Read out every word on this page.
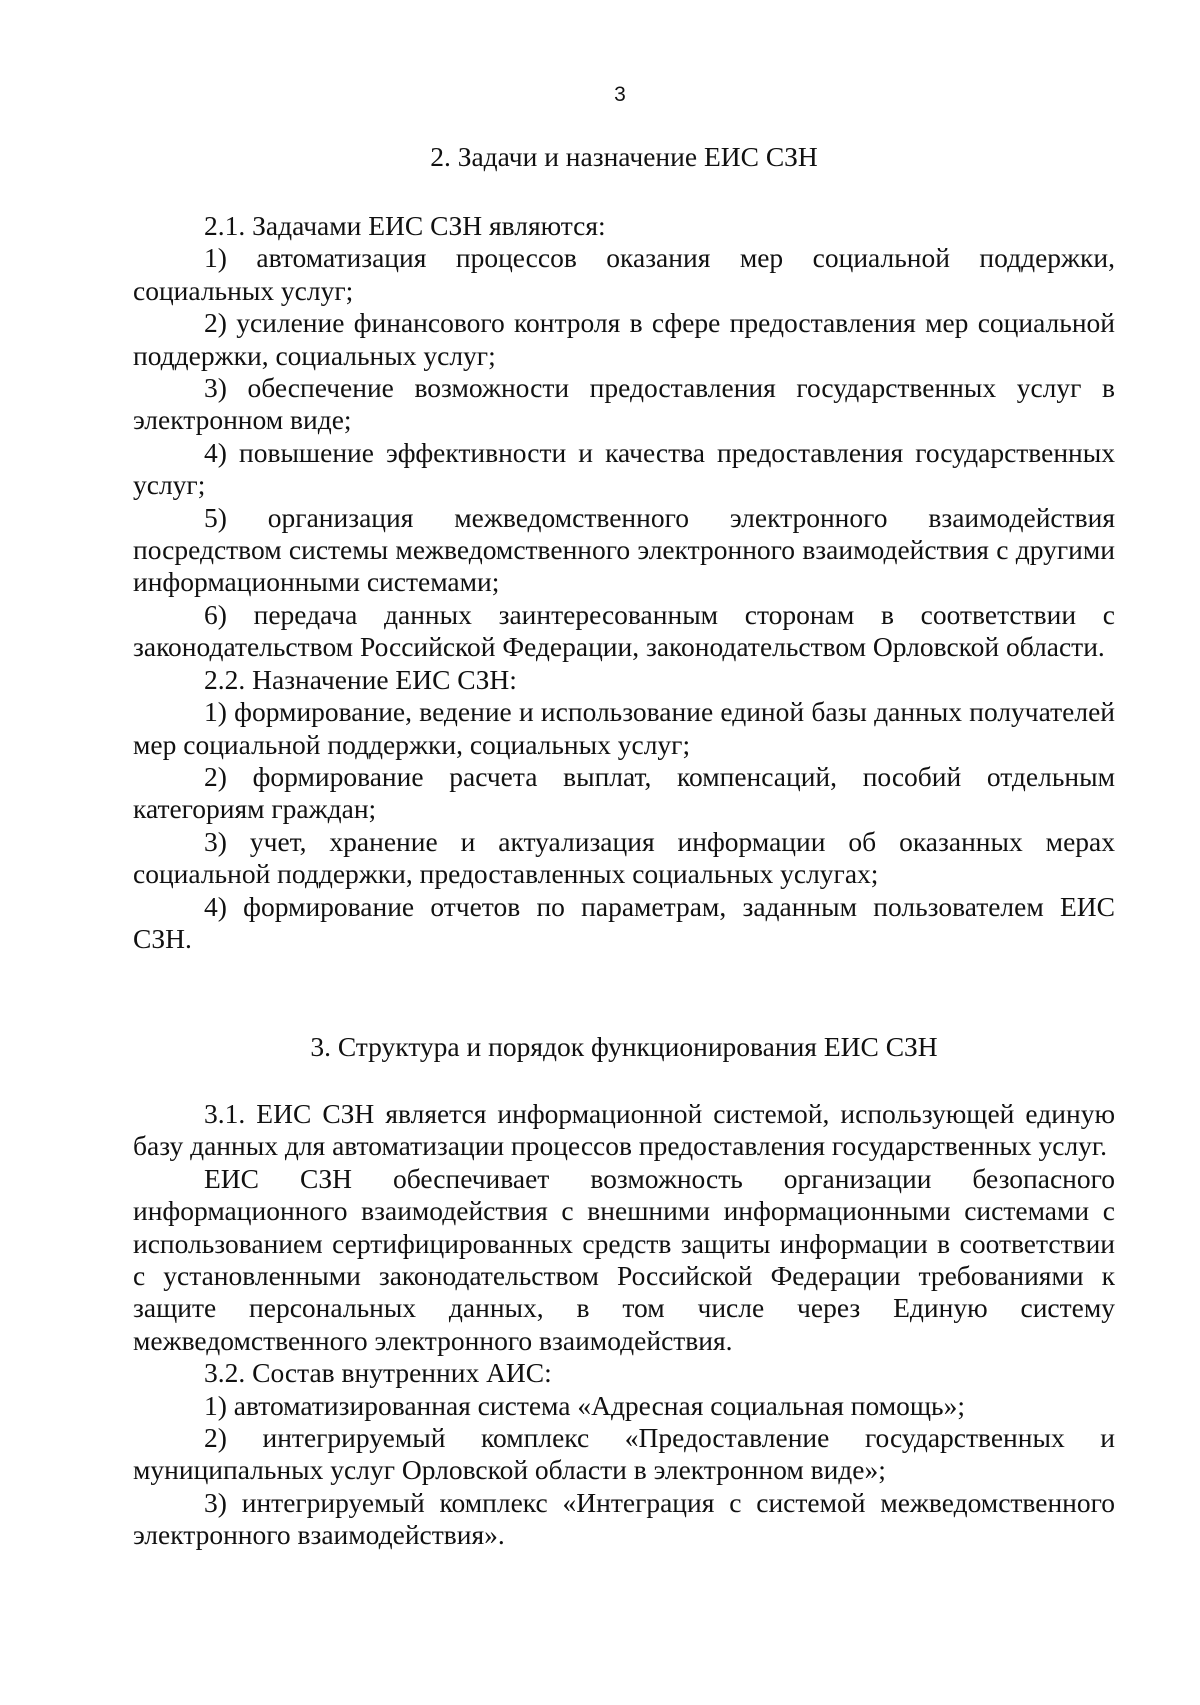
3
2. Задачи и назначение ЕИС СЗН

2.1. Задачами ЕИС СЗН являются:

1) автоматизация процессов оказания мер социальной поддержки, социальных услуг;

2) усиление финансового контроля в сфере предоставления мер социальной поддержки, социальных услуг;

3) обеспечение возможности предоставления государственных услуг в электронном виде;

4) повышение эффективности и качества предоставления государственных услуг;

5) организация межведомственного электронного взаимодействия посредством системы межведомственного электронного взаимодействия с другими информационными системами;

6) передача данных заинтересованным сторонам в соответствии с законодательством Российской Федерации, законодательством Орловской области.

2.2. Назначение ЕИС СЗН:

1) формирование, ведение и использование единой базы данных получателей мер социальной поддержки, социальных услуг;

2) формирование расчета выплат, компенсаций, пособий отдельным категориям граждан;

3) учет, хранение и актуализация информации об оказанных мерах социальной поддержки, предоставленных социальных услугах;

4) формирование отчетов по параметрам, заданным пользователем ЕИС СЗН.

3. Структура и порядок функционирования ЕИС СЗН

3.1. ЕИС СЗН является информационной системой, использующей единую базу данных для автоматизации процессов предоставления государственных услуг.

ЕИС СЗН обеспечивает возможность организации безопасного информационного взаимодействия с внешними информационными системами с использованием сертифицированных средств защиты информации в соответствии с установленными законодательством Российской Федерации требованиями к защите персональных данных, в том числе через Единую систему межведомственного электронного взаимодействия.

3.2. Состав внутренних АИС:

1) автоматизированная система «Адресная социальная помощь»;

2) интегрируемый комплекс «Предоставление государственных и муниципальных услуг Орловской области в электронном виде»;

3) интегрируемый комплекс «Интеграция с системой межведомственного электронного взаимодействия».
